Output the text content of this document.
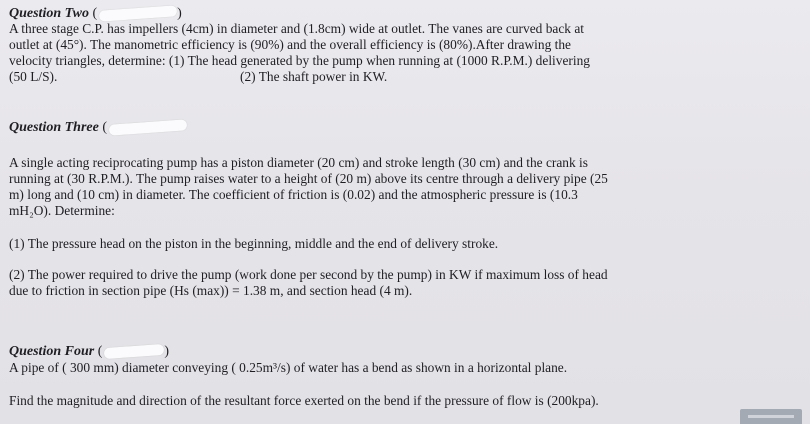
Question Two (	)
A three stage C.P. has impellers (4cm) in diameter and (1.8cm) wide at outlet. The vanes are curved back at
outlet at (45°). The manometric efficiency is (90%) and the overall efficiency is (80%).After drawing the
velocity triangles, determine: (1) The head generated by the pump when running at (1000 R.P.M.) delivering
(50 L/S).	(2) The shaft power in KW.
Question Three (
A single acting reciprocating pump has a piston diameter (20 cm) and stroke length (30 cm) and the crank is
running at (30 R.P.M.). The pump raises water to a height of (20 m) above its centre through a delivery pipe (25
m) long and (10 cm) in diameter. The coefficient of friction is (0.02) and the atmospheric pressure is (10.3
mH₂O). Determine:
(1) The pressure head on the piston in the beginning, middle and the end of delivery stroke.
(2) The power required to drive the pump (work done per second by the pump) in KW if maximum loss of head
due to friction in section pipe (Hs (max)) = 1.38 m, and section head (4 m).
Question Four (	)
A pipe of ( 300 mm) diameter conveying ( 0.25m³/s) of water has a bend as shown in a horizontal plane.
Find the magnitude and direction of the resultant force exerted on the bend if the pressure of flow is (200kpa).
